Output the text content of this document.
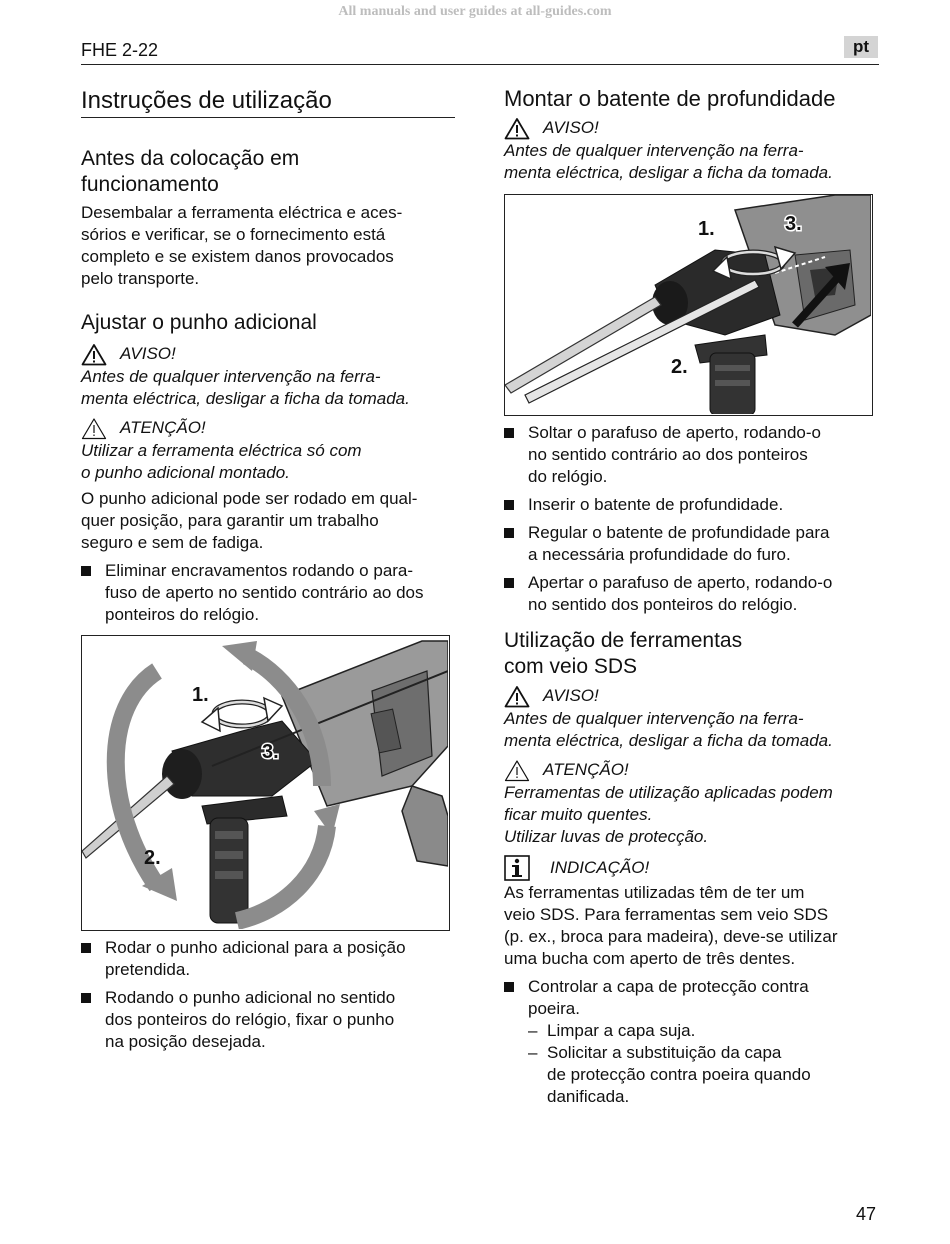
All manuals and user guides at all-guides.com
FHE 2-22	pt
Instruções de utilização
Antes da colocação em
funcionamento

Desembalar a ferramenta eléctrica e aces-
sórios e verificar, se o fornecimento está
completo e se existem danos provocados
pelo transporte.

Ajustar o punho adicional
AVISO!

Antes de qualquer intervenção na ferra-
menta eléctrica, desligar a ficha da tomada.

ATENÇÃO!

Utilizar a ferramenta eléctrica só com
o punho adicional montado.

O punho adicional pode ser rodado em qual-
quer posição, para garantir um trabalho
seguro e sem de fadiga.

Eliminar encravamentos rodando o para-
fuso de aperto no sentido contrário ao dos
ponteiros do relógio.
1.
2.
3.
Rodar o punho adicional para a posição
pretendida.
Rodando o punho adicional no sentido
dos ponteiros do relógio, fixar o punho
na posição desejada.
Montar o batente de profundidade
AVISO!

Antes de qualquer intervenção na ferra-
menta eléctrica, desligar a ficha da tomada.

1.
2.
3.
Soltar o parafuso de aperto, rodando-o
no sentido contrário ao dos ponteiros
do relógio.
Inserir o batente de profundidade.
Regular o batente de profundidade para
a necessária profundidade do furo.
Apertar o parafuso de aperto, rodando-o
no sentido dos ponteiros do relógio.
Utilização de ferramentas
com veio SDS
AVISO!

Antes de qualquer intervenção na ferra-
menta eléctrica, desligar a ficha da tomada.

ATENÇÃO!

Ferramentas de utilização aplicadas podem
ficar muito quentes.
Utilizar luvas de protecção.

INDICAÇÃO!

As ferramentas utilizadas têm de ter um
veio SDS. Para ferramentas sem veio SDS
(p. ex., broca para madeira), deve-se utilizar
uma bucha com aperto de três dentes.

Controlar a capa de protecção contra
poeira.
– Limpar a capa suja.
– Solicitar a substituição da capa
de protecção contra poeira quando
danificada.
47
